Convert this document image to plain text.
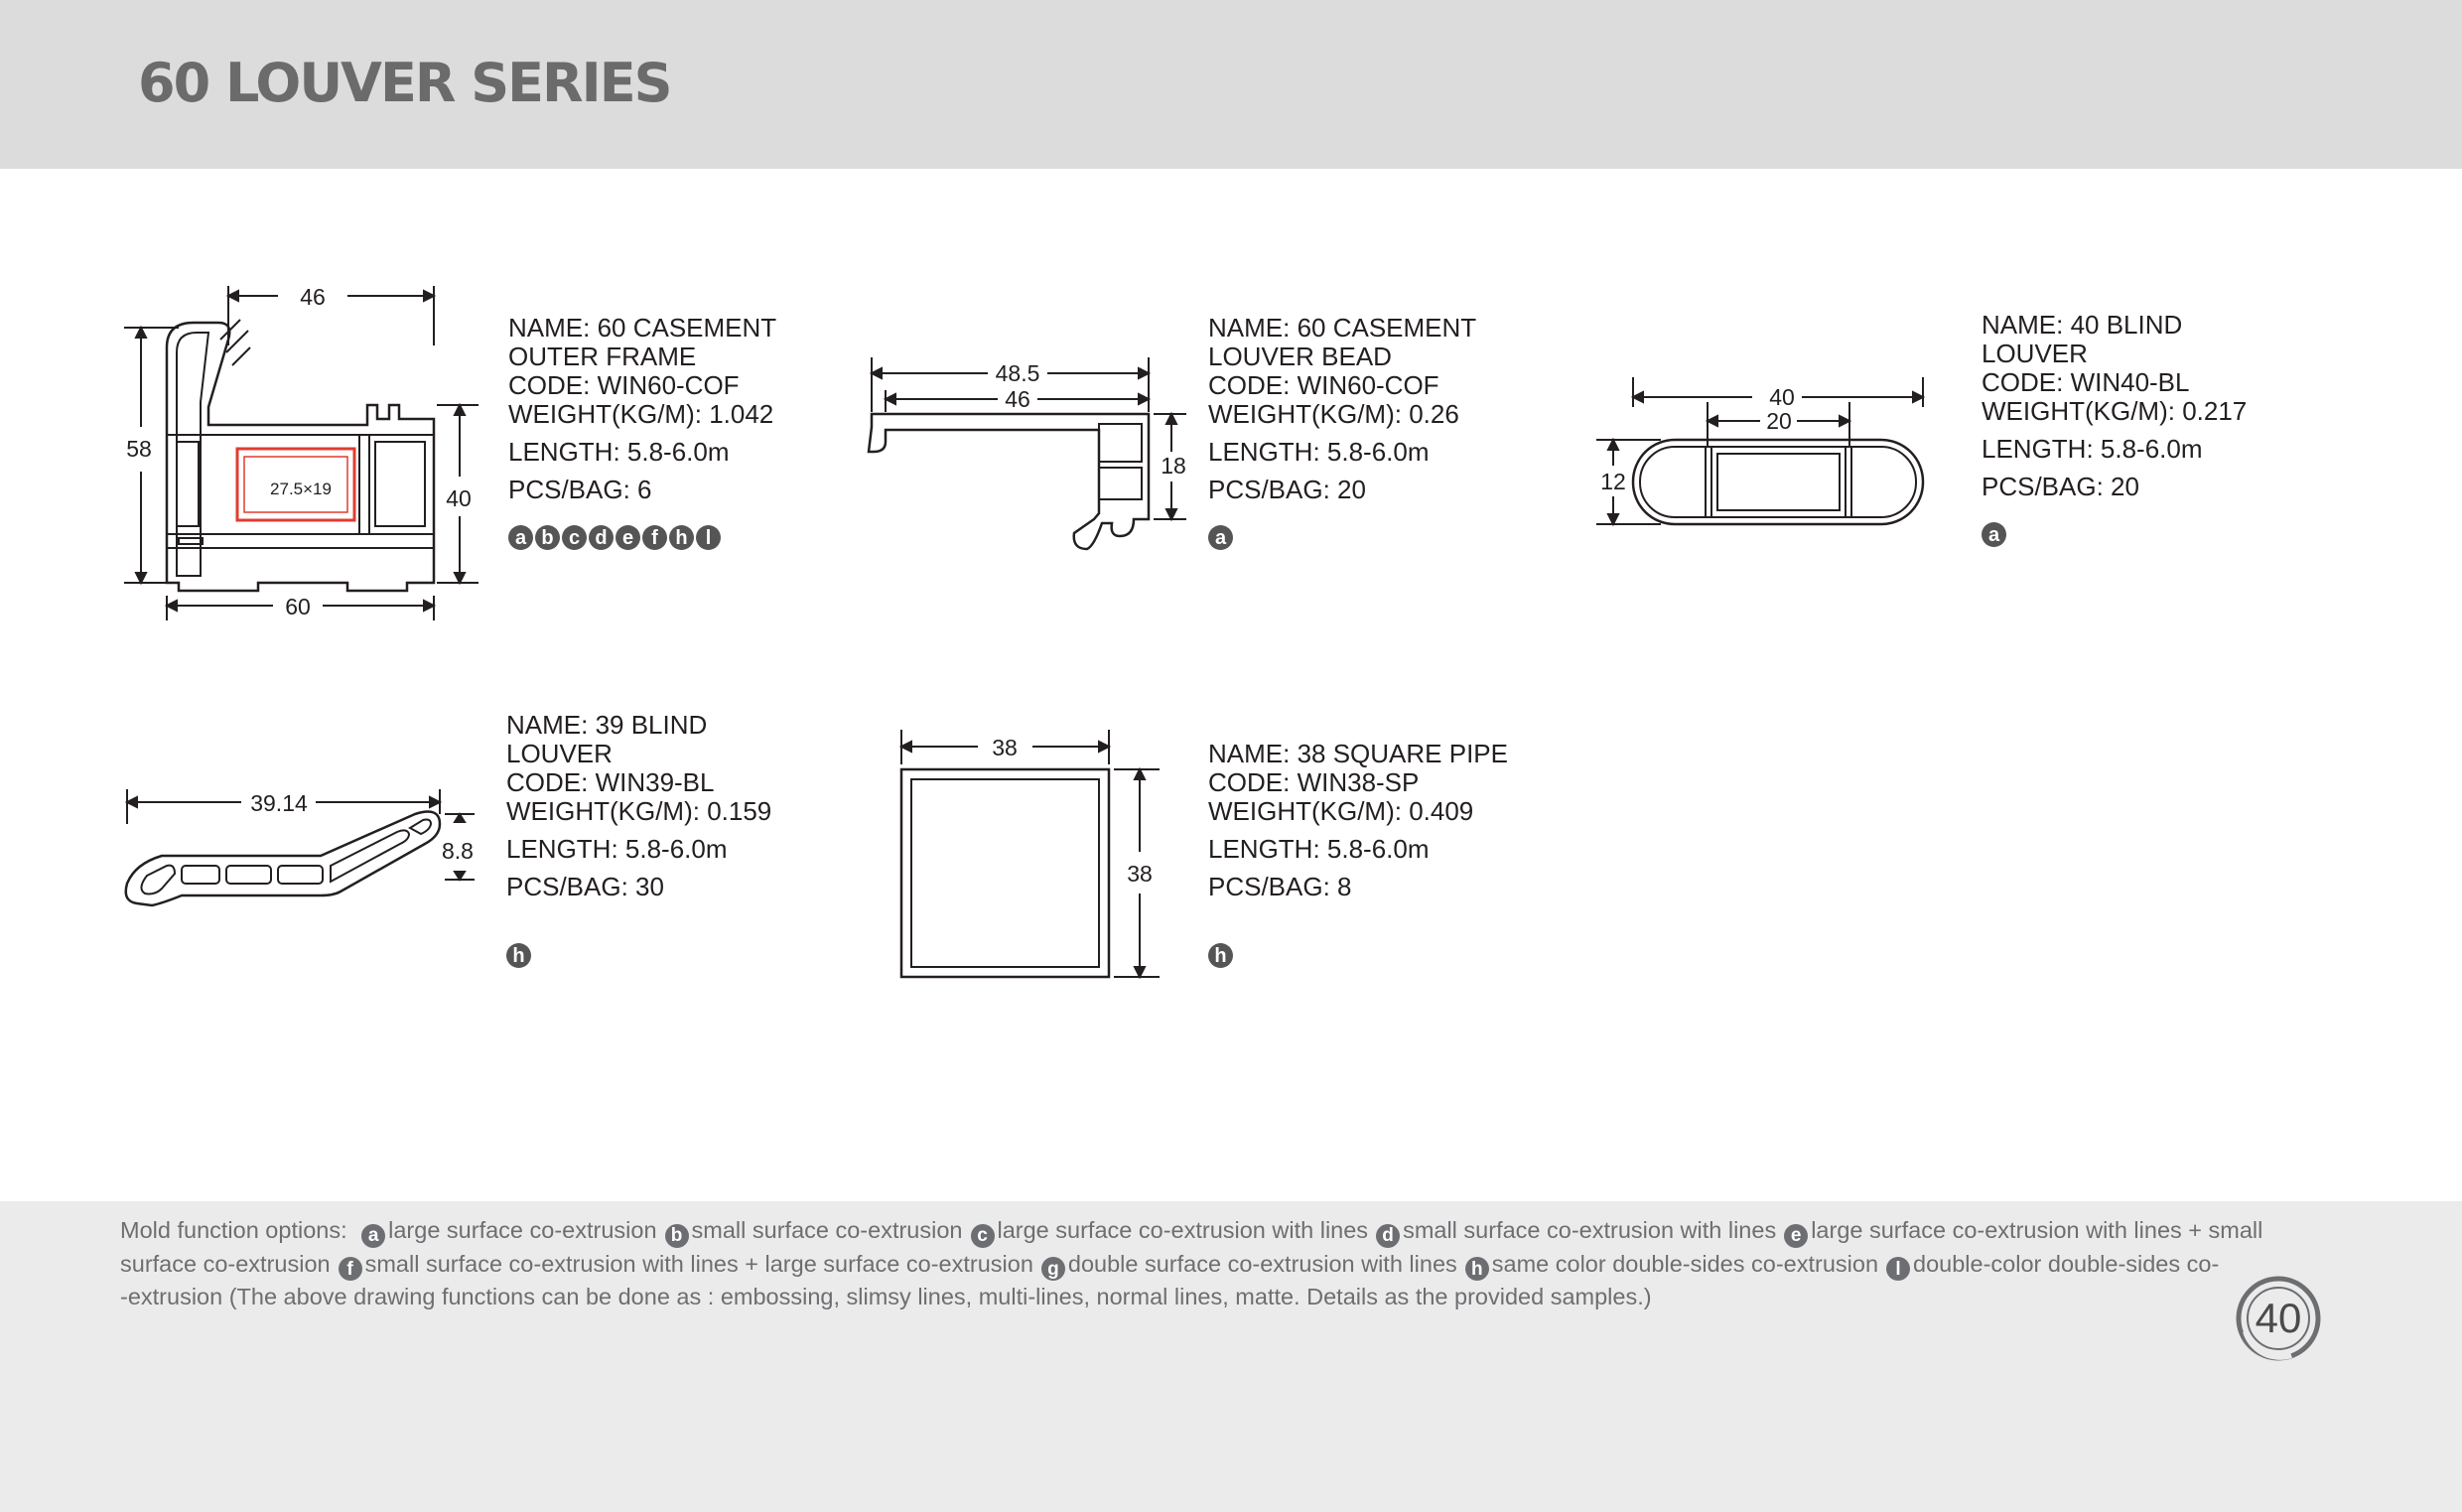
60 LOUVER SERIES
46
58
40
60
27.5×19
NAME: 60 CASEMENT
OUTER FRAME
CODE: WIN60-COF
WEIGHT(KG/M): 1.042
LENGTH: 5.8-6.0m
PCS/BAG: 6
a b c d e f h l
48.5
46
18
NAME: 60 CASEMENT
LOUVER BEAD
CODE: WIN60-COF
WEIGHT(KG/M): 0.26
LENGTH: 5.8-6.0m
PCS/BAG: 20
a
40
20
12
NAME: 40 BLIND
LOUVER
CODE: WIN40-BL
WEIGHT(KG/M): 0.217
LENGTH: 5.8-6.0m
PCS/BAG: 20
a
39.14
8.8
NAME: 39 BLIND
LOUVER
CODE: WIN39-BL
WEIGHT(KG/M): 0.159
LENGTH: 5.8-6.0m
PCS/BAG: 30
h
38
38
NAME: 38 SQUARE PIPE
CODE: WIN38-SP
WEIGHT(KG/M): 0.409
LENGTH: 5.8-6.0m
PCS/BAG: 8
h
Mold function options: a large surface co-extrusion b small surface co-extrusion c large surface co-extrusion with lines d small surface co-extrusion with lines e large surface co-extrusion with lines + small surface co-extrusion f small surface co-extrusion with lines + large surface co-extrusion g double surface co-extrusion with lines h same color double-sides co-extrusion l double-color double-sides co-
-extrusion (The above drawing functions can be done as : embossing, slimsy lines, multi-lines, normal lines, matte. Details as the provided samples.)	40
